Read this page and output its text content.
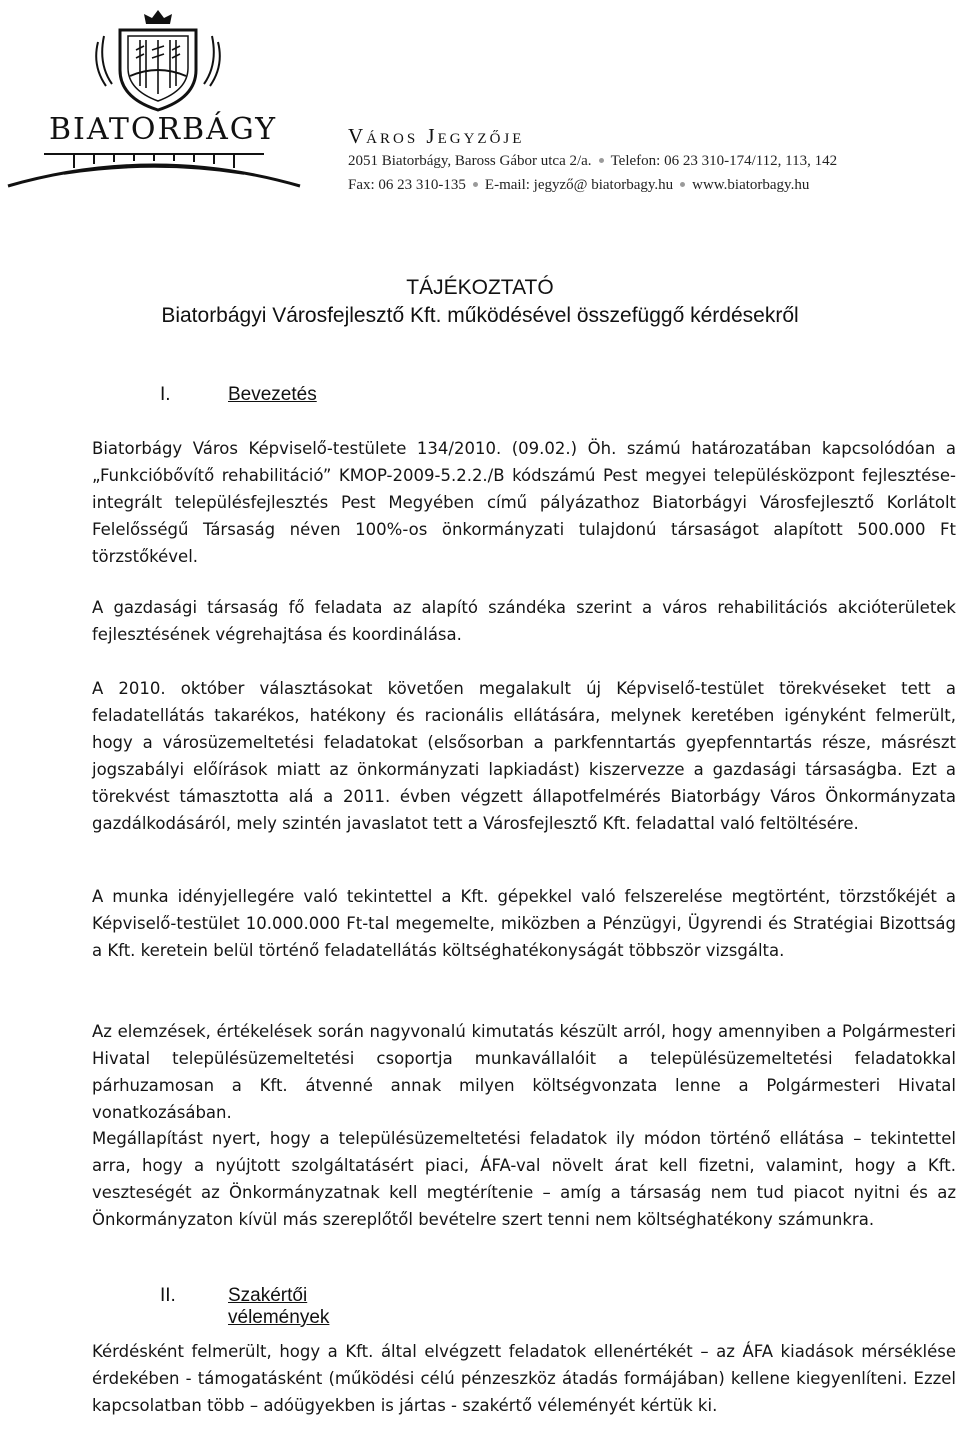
BIATORBÁGY	Város Jegyzője
2051 Biatorbágy, Baross Gábor utca 2/a. Telefon: 06 23 310-174/112, 113, 142
Fax: 06 23 310-135 E-mail: jegyző@ biatorbagy.hu www.biatorbagy.hu
TÁJÉKOZTATÓ
Biatorbágyi Városfejlesztő Kft. működésével összefüggő kérdésekről
I.	Bevezetés
Biatorbágy Város Képviselő-testülete 134/2010. (09.02.) Öh. számú határozatában kapcsolódóan a „Funkcióbővítő rehabilitáció” KMOP-2009-5.2.2./B kódszámú Pest megyei településközpont fejlesztése- integrált településfejlesztés Pest Megyében című pályázathoz Biatorbágyi Városfejlesztő Korlátolt Felelősségű Társaság néven 100%-os önkormányzati tulajdonú társaságot alapított 500.000 Ft törzstőkével.
A gazdasági társaság fő feladata az alapító szándéka szerint a város rehabilitációs akcióterületek fejlesztésének végrehajtása és koordinálása.
A 2010. október választásokat követően megalakult új Képviselő-testület törekvéseket tett a feladatellátás takarékos, hatékony és racionális ellátására, melynek keretében igényként felmerült, hogy a városüzemeltetési feladatokat (elsősorban a parkfenntartás gyepfenntartás része, másrészt jogszabályi előírások miatt az önkormányzati lapkiadást) kiszervezze a gazdasági társaságba. Ezt a törekvést támasztotta alá a 2011. évben végzett állapotfelmérés Biatorbágy Város Önkormányzata gazdálkodásáról, mely szintén javaslatot tett a Városfejlesztő Kft. feladattal való feltöltésére.
A munka idényjellegére való tekintettel a Kft. gépekkel való felszerelése megtörtént, törzstőkéjét a Képviselő-testület 10.000.000 Ft-tal megemelte, miközben a Pénzügyi, Ügyrendi és Stratégiai Bizottság a Kft. keretein belül történő feladatellátás költséghatékonyságát többször vizsgálta.
Az elemzések, értékelések során nagyvonalú kimutatás készült arról, hogy amennyiben a Polgármesteri Hivatal településüzemeltetési csoportja munkavállalóit a településüzemeltetési feladatokkal párhuzamosan a Kft. átvenné annak milyen költségvonzata lenne a Polgármesteri Hivatal vonatkozásában.
Megállapítást nyert, hogy a településüzemeltetési feladatok ily módon történő ellátása – tekintettel arra, hogy a nyújtott szolgáltatásért piaci, ÁFA-val növelt árat kell fizetni, valamint, hogy a Kft. veszteségét az Önkormányzatnak kell megtérítenie – amíg a társaság nem tud piacot nyitni és az Önkormányzaton kívül más szereplőtől bevételre szert tenni nem költséghatékony számunkra.
II.	Szakértői vélemények
Kérdésként felmerült, hogy a Kft. által elvégzett feladatok ellenértékét – az ÁFA kiadások mérséklése érdekében - támogatásként (működési célú pénzeszköz átadás formájában) kellene kiegyenlíteni. Ezzel kapcsolatban több – adóügyekben is jártas - szakértő véleményét kértük ki.
